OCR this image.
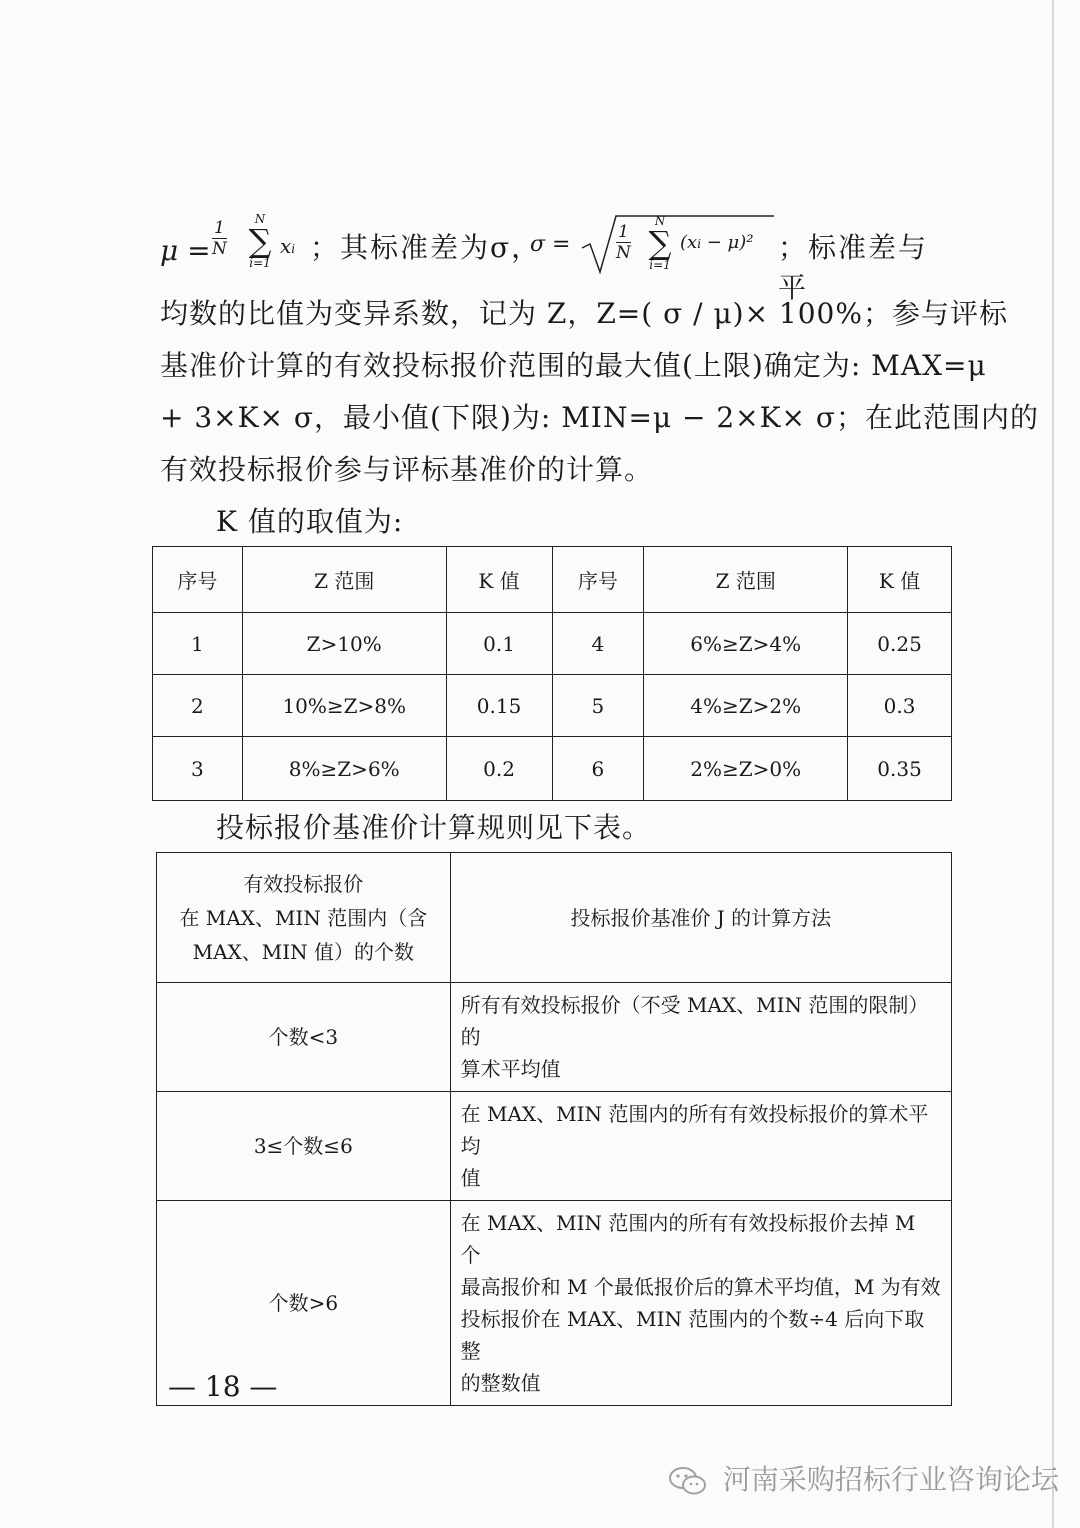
$\mu = \frac{1}{N}$	N
∑
i=1
xi ；其标准差为σ，
σ =	$\frac{1}{N}$
N
∑
i=1
(xi − μ)² ；标准差与平
均数的比值为变异系数，记为 Z，Z=( σ / μ)× 100%；参与评标
基准价计算的有效投标报价范围的最大值(上限)确定为: MAX=μ
+ 3×K× σ，最小值(下限)为: MIN=μ − 2×K× σ；在此范围内的
有效投标报价参与评标基准价的计算。
K 值的取值为:
序号	Z 范围	K 值	序号	Z 范围	K 值
1	Z>10%	0.1	4	6%≥Z>4%	0.25
2	10%≥Z>8%	0.15	5	4%≥Z>2%	0.3
3	8%≥Z>6%	0.2	6	2%≥Z>0%	0.35
投标报价基准价计算规则见下表。
有效投标报价
在 MAX、MIN 范围内（含
MAX、MIN 值）的个数	投标报价基准价 J 的计算方法
个数<3	所有有效投标报价（不受 MAX、MIN 范围的限制）的
算术平均值

3≤个数≤6	在 MAX、MIN 范围内的所有有效投标报价的算术平均
值

个数>6	在 MAX、MIN 范围内的所有有效投标报价去掉 M 个
最高报价和 M 个最低报价后的算术平均值，M 为有效
投标报价在 MAX、MIN 范围内的个数÷4 后向下取整
的整数值
— 18 —
河南采购招标行业咨询论坛
